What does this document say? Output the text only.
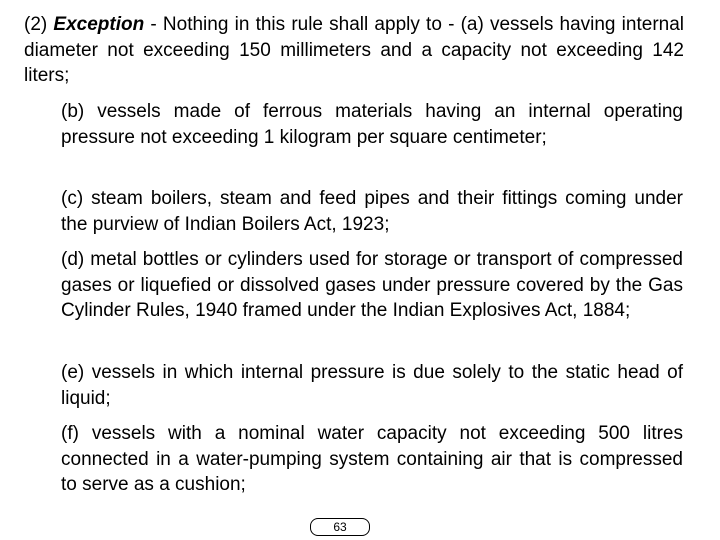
(2) Exception - Nothing in this rule shall apply to - (a) vessels having internal diameter not exceeding 150 millimeters and a capacity not exceeding 142 liters;

(b) vessels made of ferrous materials having an internal operating pressure not exceeding 1 kilogram per square centimeter;

(c) steam boilers, steam and feed pipes and their fittings coming under the purview of Indian Boilers Act, 1923;

(d) metal bottles or cylinders used for storage or transport of compressed gases or liquefied or dissolved gases under pressure covered by the Gas Cylinder Rules, 1940 framed under the Indian Explosives Act, 1884;

(e) vessels in which internal pressure is due solely to the static head of liquid;

(f) vessels with a nominal water capacity not exceeding 500 litres connected in a water-pumping system containing air that is compressed to serve as a cushion;

63
